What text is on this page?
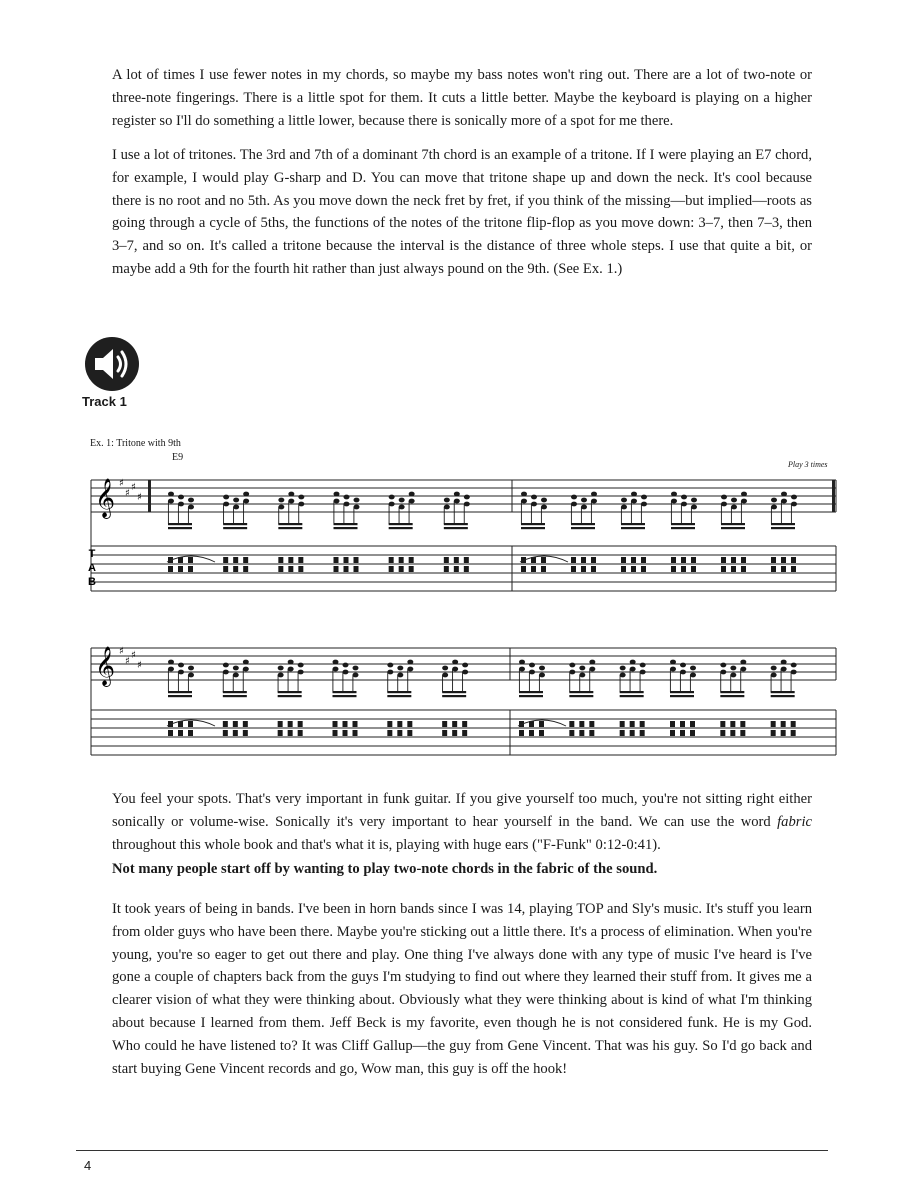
A lot of times I use fewer notes in my chords, so maybe my bass notes won't ring out. There are a lot of two-note or three-note fingerings. There is a little spot for them. It cuts a little better. Maybe the keyboard is playing on a higher register so I'll do something a little lower, because there is sonically more of a spot for me there.

I use a lot of tritones. The 3rd and 7th of a dominant 7th chord is an example of a tritone. If I were playing an E7 chord, for example, I would play G-sharp and D. You can move that tritone shape up and down the neck. It's cool because there is no root and no 5th. As you move down the neck fret by fret, if you think of the missing—but implied—roots as going through a cycle of 5ths, the functions of the notes of the tritone flip-flop as you move down: 3–7, then 7–3, then 3–7, and so on. It's called a tritone because the interval is the distance of three whole steps. I use that quite a bit, or maybe add a 9th for the fourth hit rather than just always pound on the 9th. (See Ex. 1.)

Track 1
Ex. 1: Tritone with 9th
E9
Play 3 times
𝄞 ♯
♯
♯
♯
𝄞 ♯
♯
♯
♯
T
A
B

You feel your spots. That's very important in funk guitar. If you give yourself too much, you're not sitting right either sonically or volume-wise. Sonically it's very important to hear yourself in the band. We can use the word fabric throughout this whole book and that's what it is, playing with huge ears ("F-Funk" 0:12-0:41).

Not many people start off by wanting to play two-note chords in the fabric of the sound.

It took years of being in bands. I've been in horn bands since I was 14, playing TOP and Sly's music. It's stuff you learn from older guys who have been there. Maybe you're sticking out a little there. It's a process of elimination. When you're young, you're so eager to get out there and play. One thing I've always done with any type of music I've heard is I've gone a couple of chapters back from the guys I'm studying to find out where they learned their stuff from. It gives me a clearer vision of what they were thinking about. Obviously what they were thinking about is kind of what I'm thinking about because I learned from them. Jeff Beck is my favorite, even though he is not considered funk. He is my God. Who could he have listened to? It was Cliff Gallup—the guy from Gene Vincent. That was his guy. So I'd go back and start buying Gene Vincent records and go, Wow man, this guy is off the hook!

4
